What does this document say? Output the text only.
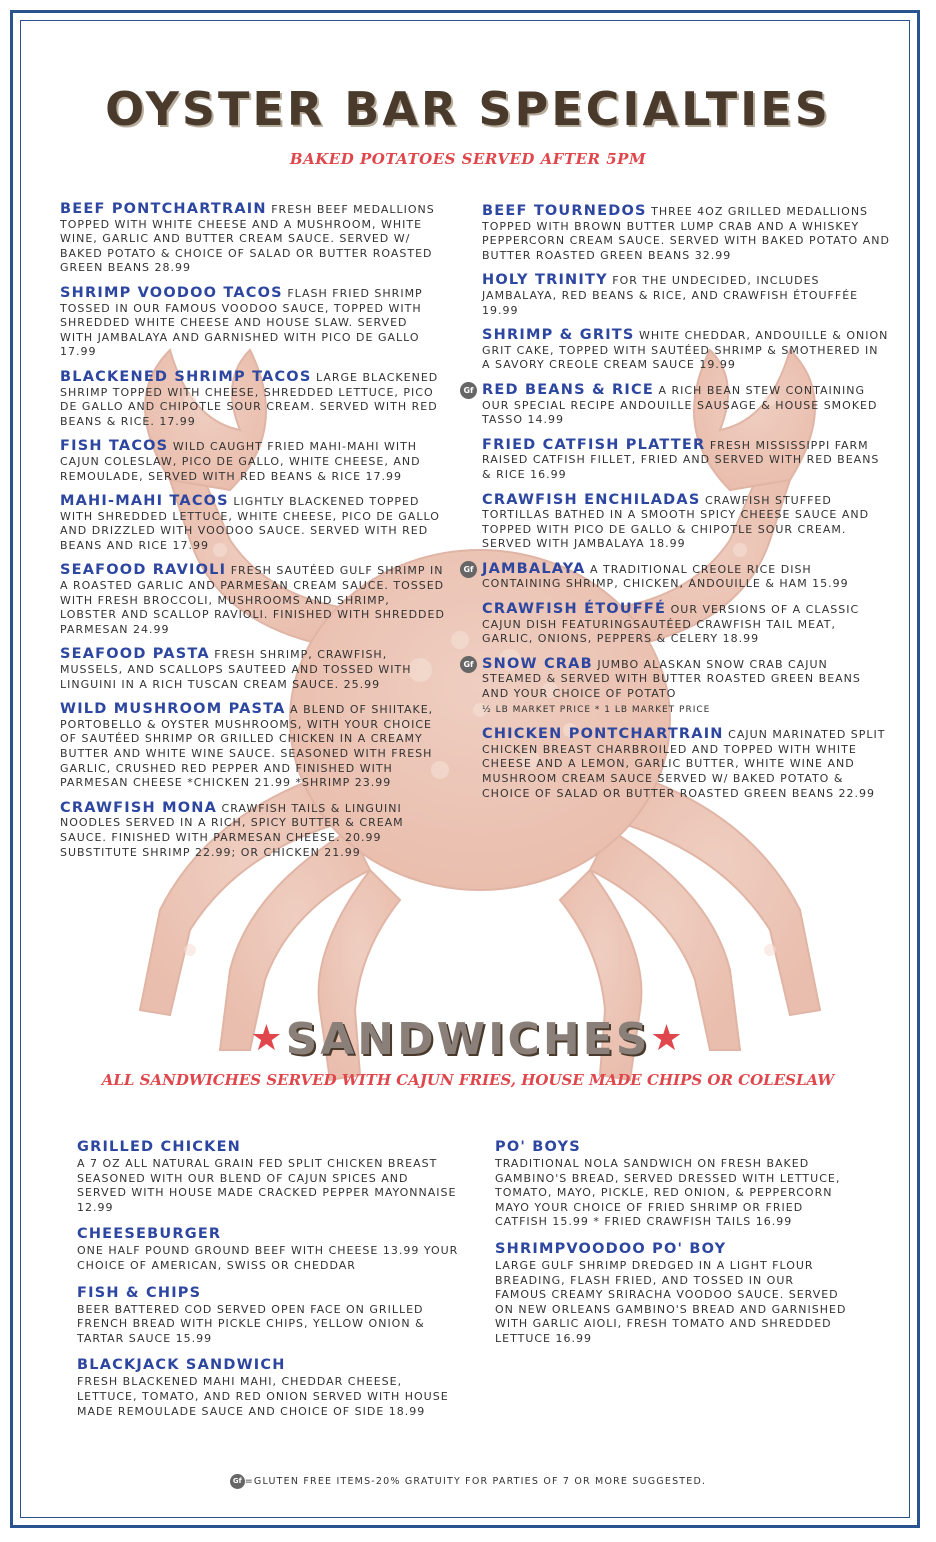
OYSTER BAR SPECIALTIES
BAKED POTATOES SERVED AFTER 5PM
BEEF PONTCHARTRAIN FRESH BEEF MEDALLIONS TOPPED WITH WHITE CHEESE AND A MUSHROOM, WHITE WINE, GARLIC AND BUTTER CREAM SAUCE. SERVED W/ BAKED POTATO & CHOICE OF SALAD OR BUTTER ROASTED GREEN BEANS 28.99
SHRIMP VOODOO TACOS FLASH FRIED SHRIMP TOSSED IN OUR FAMOUS VOODOO SAUCE, TOPPED WITH SHREDDED WHITE CHEESE AND HOUSE SLAW. SERVED WITH JAMBALAYA AND GARNISHED WITH PICO DE GALLO 17.99
BLACKENED SHRIMP TACOS LARGE BLACKENED SHRIMP TOPPED WITH CHEESE, SHREDDED LETTUCE, PICO DE GALLO AND CHIPOTLE SOUR CREAM. SERVED WITH RED BEANS & RICE. 17.99
FISH TACOS WILD CAUGHT FRIED MAHI-MAHI WITH CAJUN COLESLAW, PICO DE GALLO, WHITE CHEESE, AND REMOULADE, SERVED WITH RED BEANS & RICE 17.99
MAHI-MAHI TACOS LIGHTLY BLACKENED TOPPED WITH SHREDDED LETTUCE, WHITE CHEESE, PICO DE GALLO AND DRIZZLED WITH VOODOO SAUCE. SERVED WITH RED BEANS AND RICE 17.99
SEAFOOD RAVIOLI FRESH SAUTÉED GULF SHRIMP IN A ROASTED GARLIC AND PARMESAN CREAM SAUCE. TOSSED WITH FRESH BROCCOLI, MUSHROOMS AND SHRIMP, LOBSTER AND SCALLOP RAVIOLI. FINISHED WITH SHREDDED PARMESAN 24.99
SEAFOOD PASTA FRESH SHRIMP, CRAWFISH, MUSSELS, AND SCALLOPS SAUTEED AND TOSSED WITH LINGUINI IN A RICH TUSCAN CREAM SAUCE. 25.99
WILD MUSHROOM PASTA A BLEND OF SHIITAKE, PORTOBELLO & OYSTER MUSHROOMS, WITH YOUR CHOICE OF SAUTÉED SHRIMP OR GRILLED CHICKEN IN A CREAMY BUTTER AND WHITE WINE SAUCE. SEASONED WITH FRESH GARLIC, CRUSHED RED PEPPER AND FINISHED WITH PARMESAN CHEESE *CHICKEN 21.99 *SHRIMP 23.99
CRAWFISH MONA CRAWFISH TAILS & LINGUINI NOODLES SERVED IN A RICH, SPICY BUTTER & CREAM SAUCE. FINISHED WITH PARMESAN CHEESE. 20.99 SUBSTITUTE SHRIMP 22.99; OR CHICKEN 21.99
BEEF TOURNEDOS THREE 4OZ GRILLED MEDALLIONS TOPPED WITH BROWN BUTTER LUMP CRAB AND A WHISKEY PEPPERCORN CREAM SAUCE. SERVED WITH BAKED POTATO AND BUTTER ROASTED GREEN BEANS 32.99
HOLY TRINITY FOR THE UNDECIDED, INCLUDES JAMBALAYA, RED BEANS & RICE, AND CRAWFISH ÉTOUFFÉE 19.99
SHRIMP & GRITS WHITE CHEDDAR, ANDOUILLE & ONION GRIT CAKE, TOPPED WITH SAUTÉED SHRIMP & SMOTHERED IN A SAVORY CREOLE CREAM SAUCE 19.99
Gf RED BEANS & RICE A RICH BEAN STEW CONTAINING OUR SPECIAL RECIPE ANDOUILLE SAUSAGE & HOUSE SMOKED TASSO 14.99
FRIED CATFISH PLATTER FRESH MISSISSIPPI FARM RAISED CATFISH FILLET, FRIED AND SERVED WITH RED BEANS & RICE 16.99
CRAWFISH ENCHILADAS CRAWFISH STUFFED TORTILLAS BATHED IN A SMOOTH SPICY CHEESE SAUCE AND TOPPED WITH PICO DE GALLO & CHIPOTLE SOUR CREAM. SERVED WITH JAMBALAYA 18.99
Gf JAMBALAYA A TRADITIONAL CREOLE RICE DISH CONTAINING SHRIMP, CHICKEN, ANDOUILLE & HAM 15.99
CRAWFISH ÉTOUFFÉ OUR VERSIONS OF A CLASSIC CAJUN DISH FEATURINGSAUTÉED CRAWFISH TAIL MEAT, GARLIC, ONIONS, PEPPERS & CELERY 18.99
Gf SNOW CRAB JUMBO ALASKAN SNOW CRAB CAJUN STEAMED & SERVED WITH BUTTER ROASTED GREEN BEANS AND YOUR CHOICE OF POTATO
½ LB MARKET PRICE * 1 LB MARKET PRICE
CHICKEN PONTCHARTRAIN CAJUN MARINATED SPLIT CHICKEN BREAST CHARBROILED AND TOPPED WITH WHITE CHEESE AND A LEMON, GARLIC BUTTER, WHITE WINE AND MUSHROOM CREAM SAUCE SERVED W/ BAKED POTATO & CHOICE OF SALAD OR BUTTER ROASTED GREEN BEANS 22.99
★SANDWICHES★
ALL SANDWICHES SERVED WITH CAJUN FRIES, HOUSE MADE CHIPS OR COLESLAW
GRILLED CHICKEN
A 7 OZ ALL NATURAL GRAIN FED SPLIT CHICKEN BREAST SEASONED WITH OUR BLEND OF CAJUN SPICES AND SERVED WITH HOUSE MADE CRACKED PEPPER MAYONNAISE 12.99
CHEESEBURGER
ONE HALF POUND GROUND BEEF WITH CHEESE 13.99 YOUR CHOICE OF AMERICAN, SWISS OR CHEDDAR
FISH & CHIPS
BEER BATTERED COD SERVED OPEN FACE ON GRILLED FRENCH BREAD WITH PICKLE CHIPS, YELLOW ONION & TARTAR SAUCE 15.99
BLACKJACK SANDWICH
FRESH BLACKENED MAHI MAHI, CHEDDAR CHEESE, LETTUCE, TOMATO, AND RED ONION SERVED WITH HOUSE MADE REMOULADE SAUCE AND CHOICE OF SIDE 18.99
PO' BOYS
TRADITIONAL NOLA SANDWICH ON FRESH BAKED GAMBINO'S BREAD, SERVED DRESSED WITH LETTUCE, TOMATO, MAYO, PICKLE, RED ONION, & PEPPERCORN MAYO YOUR CHOICE OF FRIED SHRIMP OR FRIED CATFISH 15.99 * FRIED CRAWFISH TAILS 16.99
SHRIMPVOODOO PO' BOY
LARGE GULF SHRIMP DREDGED IN A LIGHT FLOUR BREADING, FLASH FRIED, AND TOSSED IN OUR FAMOUS CREAMY SRIRACHA VOODOO SAUCE. SERVED ON NEW ORLEANS GAMBINO'S BREAD AND GARNISHED WITH GARLIC AIOLI, FRESH TOMATO AND SHREDDED LETTUCE 16.99
Gf =GLUTEN FREE ITEMS-20% GRATUITY FOR PARTIES OF 7 OR MORE SUGGESTED.
